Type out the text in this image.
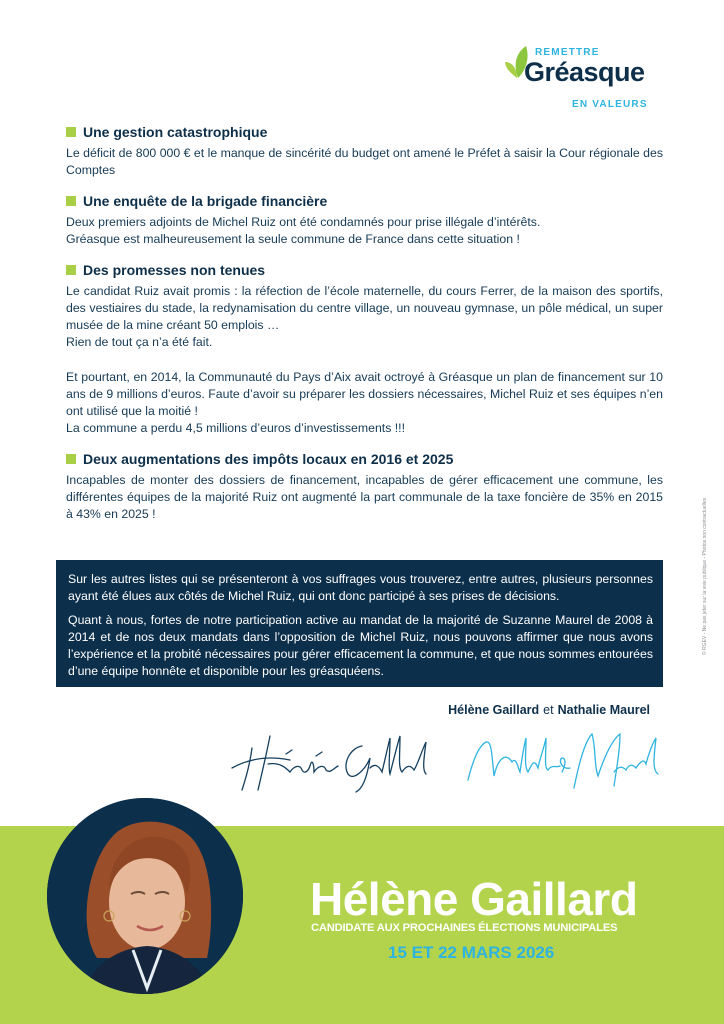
REMETTRE
Gréasque
EN VALEURS
Une gestion catastrophique

Le déficit de 800 000 € et le manque de sincérité du budget ont amené le Préfet à saisir la Cour régionale des Comptes

Une enquête de la brigade financière

Deux premiers adjoints de Michel Ruiz ont été condamnés pour prise illégale d’intérêts.

Gréasque est malheureusement la seule commune de France dans cette situation !

Des promesses non tenues

Le candidat Ruiz avait promis : la réfection de l’école maternelle, du cours Ferrer, de la maison des sportifs, des vestiaires du stade, la redynamisation du centre village, un nouveau gymnase, un pôle médical, un super musée de la mine créant 50 emplois …

Rien de tout ça n’a été fait.

Et pourtant, en 2014, la Communauté du Pays d’Aix avait octroyé à Gréasque un plan de financement sur 10 ans de 9 millions d’euros. Faute d’avoir su préparer les dossiers nécessaires, Michel Ruiz et ses équipes n’en ont utilisé que la moitié !

La commune a perdu 4,5 millions d’euros d’investissements !!!

Deux augmentations des impôts locaux en 2016 et 2025

Incapables de monter des dossiers de financement, incapables de gérer efficacement une commune, les différentes équipes de la majorité Ruiz ont augmenté la part communale de la taxe foncière de 35% en 2015 à 43% en 2025 !

Sur les autres listes qui se présenteront à vos suffrages vous trouverez, entre autres, plusieurs personnes ayant été élues aux côtés de Michel Ruiz, qui ont donc participé à ses prises de décisions.

Quant à nous, fortes de notre participation active au mandat de la majorité de Suzanne Maurel de 2008 à 2014 et de nos deux mandats dans l’opposition de Michel Ruiz, nous pouvons affirmer que nous avons l’expérience et la probité nécessaires pour gérer efficacement la commune, et que nous sommes entourées d’une équipe honnête et disponible pour les gréasquéens.

Hélène Gaillard et Nathalie Maurel
Hélène Gaillard
CANDIDATE AUX PROCHAINES ÉLECTIONS MUNICIPALES
15 ET 22 MARS 2026
© RGEV - Ne pas jeter sur la voie publique - Photos non contractuelles
